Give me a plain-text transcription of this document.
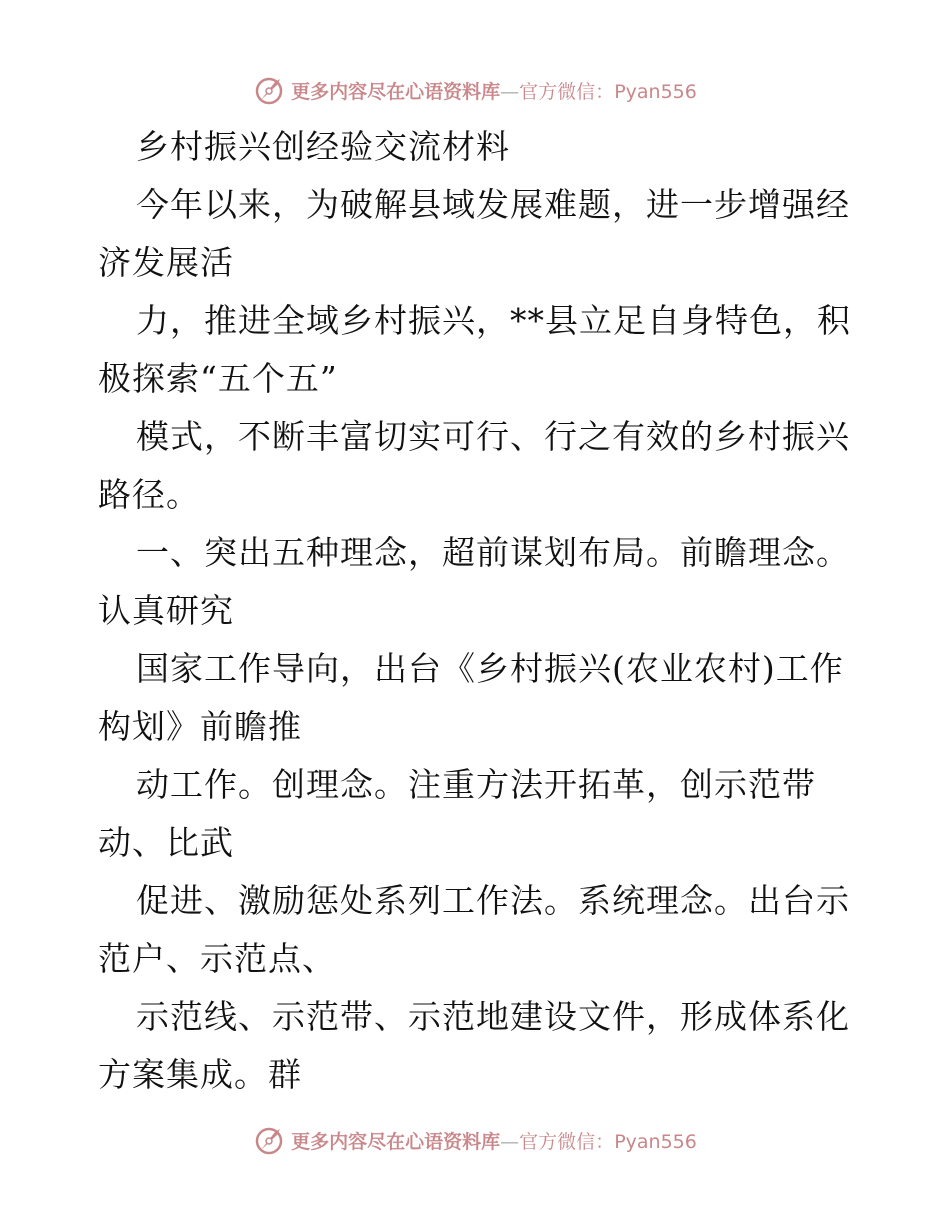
更多内容尽在心语资料库—官方微信：Pyan556
乡村振兴创经验交流材料
今年以来，为破解县域发展难题，进一步增强经
济发展活
力，推进全域乡村振兴，**县立足自身特色，积
极探索“五个五”
模式，不断丰富切实可行、行之有效的乡村振兴
路径。
一、突出五种理念，超前谋划布局。前瞻理念。
认真研究
国家工作导向，出台《乡村振兴(农业农村)工作
构划》前瞻推
动工作。创理念。注重方法开拓革，创示范带
动、比武
促进、激励惩处系列工作法。系统理念。出台示
范户、示范点、
示范线、示范带、示范地建设文件，形成体系化
方案集成。群
更多内容尽在心语资料库—官方微信：Pyan556
